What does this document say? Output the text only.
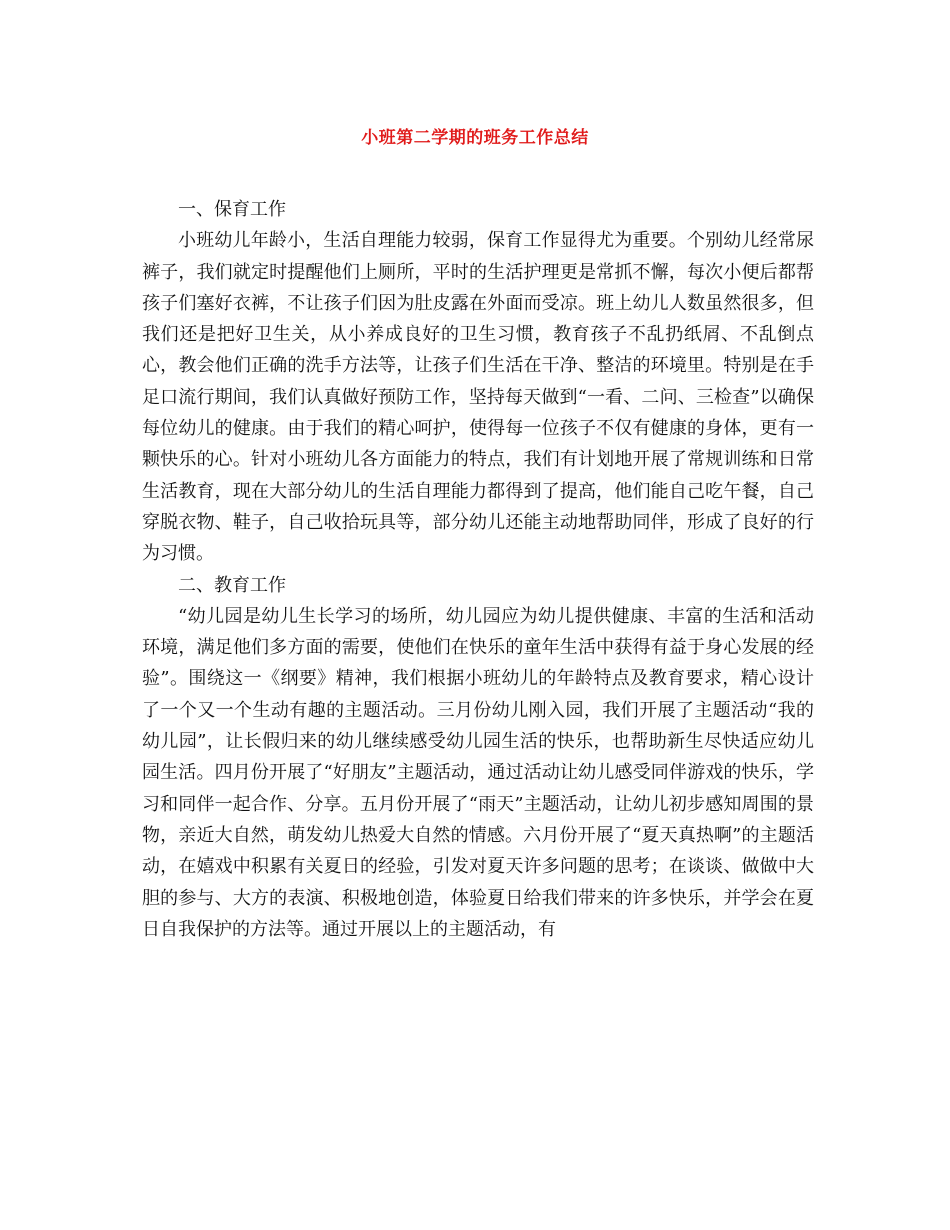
小班第二学期的班务工作总结
一、保育工作
小班幼儿年龄小，生活自理能力较弱，保育工作显得尤为重要。个别幼儿经常尿裤子，我们就定时提醒他们上厕所，平时的生活护理更是常抓不懈，每次小便后都帮孩子们塞好衣裤，不让孩子们因为肚皮露在外面而受凉。班上幼儿人数虽然很多，但我们还是把好卫生关，从小养成良好的卫生习惯，教育孩子不乱扔纸屑、不乱倒点心，教会他们正确的洗手方法等，让孩子们生活在干净、整洁的环境里。特别是在手足口流行期间，我们认真做好预防工作，坚持每天做到“一看、二问、三检查”以确保每位幼儿的健康。由于我们的精心呵护，使得每一位孩子不仅有健康的身体，更有一颗快乐的心。针对小班幼儿各方面能力的特点，我们有计划地开展了常规训练和日常生活教育，现在大部分幼儿的生活自理能力都得到了提高，他们能自己吃午餐，自己穿脱衣物、鞋子，自己收拾玩具等，部分幼儿还能主动地帮助同伴，形成了良好的行为习惯。
二、教育工作
“幼儿园是幼儿生长学习的场所，幼儿园应为幼儿提供健康、丰富的生活和活动环境，满足他们多方面的需要，使他们在快乐的童年生活中获得有益于身心发展的经验”。围绕这一《纲要》精神，我们根据小班幼儿的年龄特点及教育要求，精心设计了一个又一个生动有趣的主题活动。三月份幼儿刚入园，我们开展了主题活动“我的幼儿园”，让长假归来的幼儿继续感受幼儿园生活的快乐，也帮助新生尽快适应幼儿园生活。四月份开展了“好朋友”主题活动，通过活动让幼儿感受同伴游戏的快乐，学习和同伴一起合作、分享。五月份开展了“雨天”主题活动，让幼儿初步感知周围的景物，亲近大自然，萌发幼儿热爱大自然的情感。六月份开展了“夏天真热啊”的主题活动，在嬉戏中积累有关夏日的经验，引发对夏天许多问题的思考；在谈谈、做做中大胆的参与、大方的表演、积极地创造，体验夏日给我们带来的许多快乐，并学会在夏日自我保护的方法等。通过开展以上的主题活动，有
